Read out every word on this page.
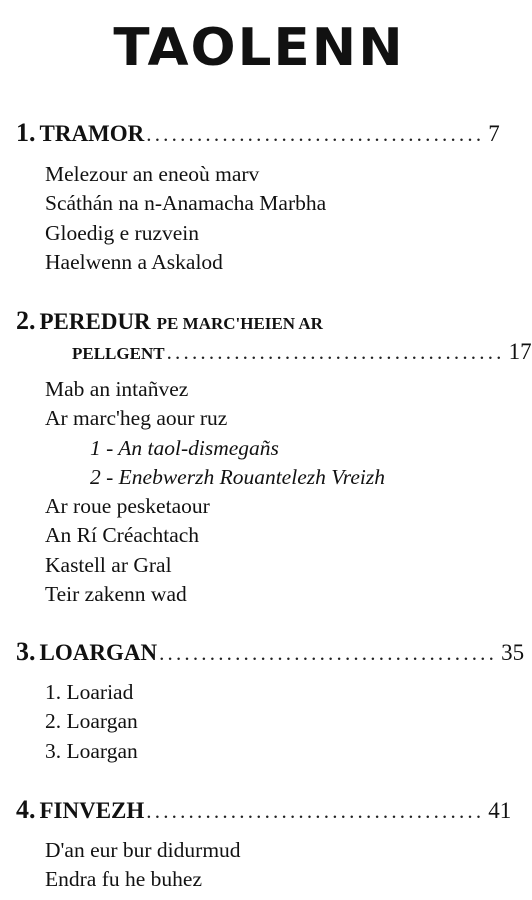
TAOLENN
1. TRAMOR ........................................ 7
Melezour an eneoù marv
Scáthán na n-Anamacha Marbha
Gloedig e ruzvein
Haelwenn a Askalod
2. PEREDUR PE MARC'HEIEN AR
PELLGENT ........................................ 17
Mab an intañvez
Ar marc'heg aour ruz
1 - An taol-dismegañs
2 - Enebwerzh Rouantelezh Vreizh
Ar roue pesketaour
An Rí Créachtach
Kastell ar Gral
Teir zakenn wad
3. LOARGAN ........................................ 35
1. Loariad
2. Loargan
3. Loargan
4. FINVEZH ........................................ 41
D'an eur bur didurmud
Endra fu he buhez
